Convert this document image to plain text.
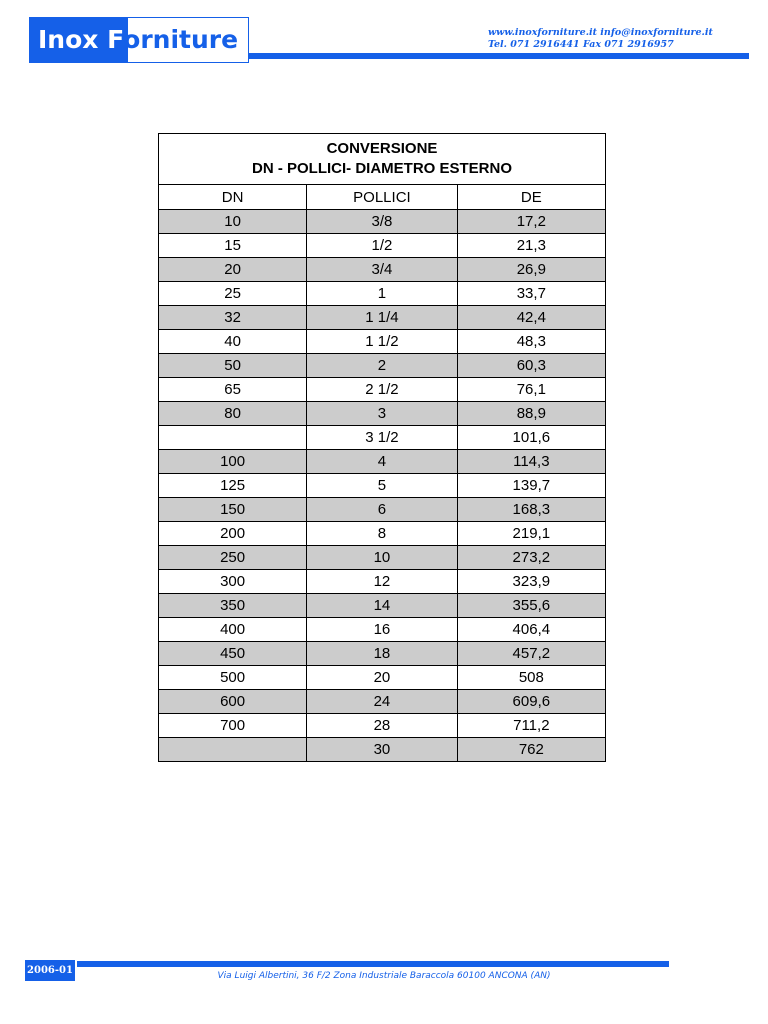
Inox Forniture	www.inoxforniture.it info@inoxforniture.it
Tel. 071 2916441 Fax 071 2916957
CONVERSIONE
DN - POLLICI- DIAMETRO ESTERNO		

DN	POLLICI	DE
10	3/8	17,2
15	1/2	21,3
20	3/4	26,9
25	1	33,7
32	1 1/4	42,4
40	1 1/2	48,3
50	2	60,3
65	2 1/2	76,1
80	3	88,9
	3 1/2	101,6
100	4	114,3
125	5	139,7
150	6	168,3
200	8	219,1
250	10	273,2
300	12	323,9
350	14	355,6
400	16	406,4
450	18	457,2
500	20	508
600	24	609,6
700	28	711,2
	30	762
2006-01	Via Luigi Albertini, 36 F/2 Zona Industriale Baraccola 60100 ANCONA (AN)
